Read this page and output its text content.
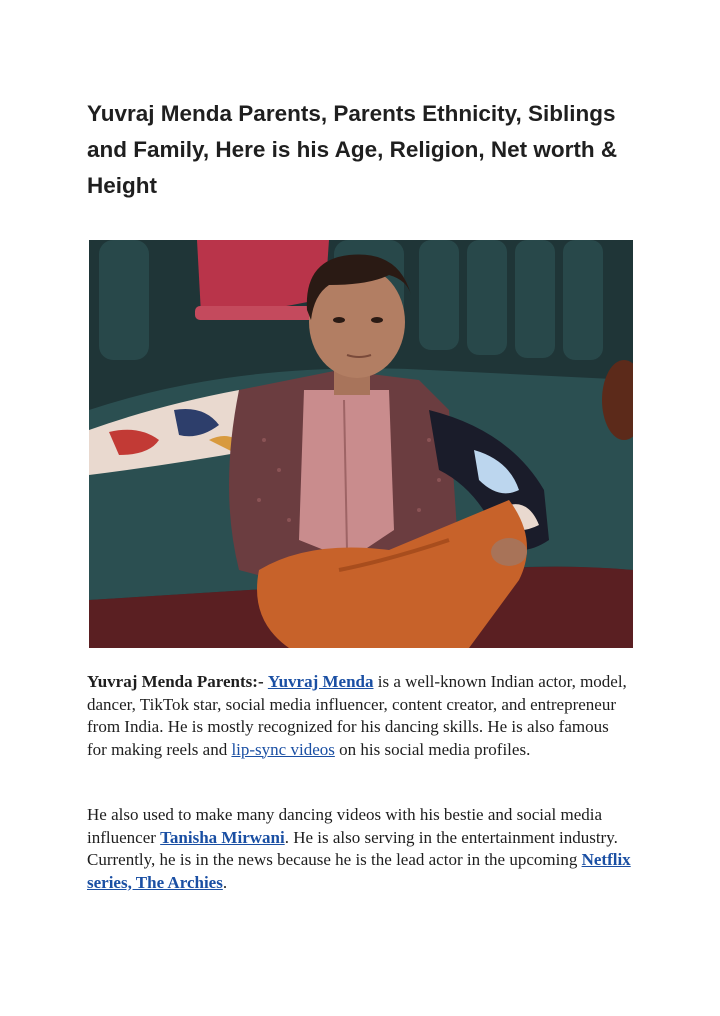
Yuvraj Menda Parents, Parents Ethnicity, Siblings and Family, Here is his Age, Religion, Net worth & Height

Yuvraj Menda Parents:- Yuvraj Menda is a well-known Indian actor, model, dancer, TikTok star, social media influencer, content creator, and entrepreneur from India. He is mostly recognized for his dancing skills. He is also famous for making reels and lip-sync videos on his social media profiles.

He also used to make many dancing videos with his bestie and social media influencer Tanisha Mirwani. He is also serving in the entertainment industry. Currently, he is in the news because he is the lead actor in the upcoming Netflix series, The Archies.
